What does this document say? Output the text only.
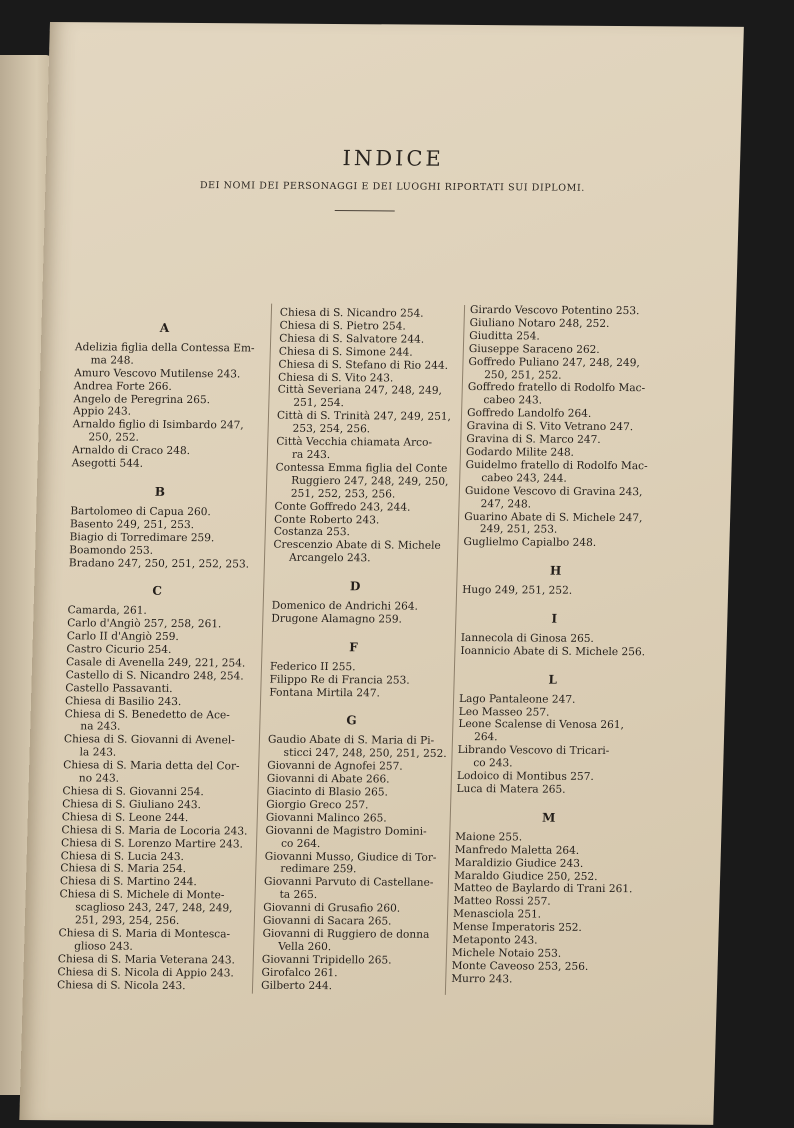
INDICE
DEI NOMI DEI PERSONAGGI E DEI LUOGHI RIPORTATI SUI DIPLOMI.
A
Adelizia figlia della Contessa Em-
ma 248.
Amuro Vescovo Mutilense 243.
Andrea Forte 266.
Angelo de Peregrina 265.
Appio 243.
Arnaldo figlio di Isimbardo 247,
250, 252.
Arnaldo di Craco 248.
Asegotti 544.
B
Bartolomeo di Capua 260.
Basento 249, 251, 253.
Biagio di Torredimare 259.
Boamondo 253.
Bradano 247, 250, 251, 252, 253.
C
Camarda, 261.
Carlo d'Angiò 257, 258, 261.
Carlo II d'Angiò 259.
Castro Cicurio 254.
Casale di Avenella 249, 221, 254.
Castello di S. Nicandro 248, 254.
Castello Passavanti.
Chiesa di Basilio 243.
Chiesa di S. Benedetto de Ace-
na 243.
Chiesa di S. Giovanni di Avenel-
la 243.
Chiesa di S. Maria detta del Cor-
no 243.
Chiesa di S. Giovanni 254.
Chiesa di S. Giuliano 243.
Chiesa di S. Leone 244.
Chiesa di S. Maria de Locoria 243.
Chiesa di S. Lorenzo Martire 243.
Chiesa di S. Lucia 243.
Chiesa di S. Maria 254.
Chiesa di S. Martino 244.
Chiesa di S. Michele di Monte-
scaglioso 243, 247, 248, 249,
251, 293, 254, 256.
Chiesa di S. Maria di Montesca-
glioso 243.
Chiesa di S. Maria Veterana 243.
Chiesa di S. Nicola di Appio 243.
Chiesa di S. Nicola 243.
Chiesa di S. Nicandro 254.
Chiesa di S. Pietro 254.
Chiesa di S. Salvatore 244.
Chiesa di S. Simone 244.
Chiesa di S. Stefano di Rio 244.
Chiesa di S. Vito 243.
Città Severiana 247, 248, 249,
251, 254.
Città di S. Trinità 247, 249, 251,
253, 254, 256.
Città Vecchia chiamata Arco-
ra 243.
Contessa Emma figlia del Conte
Ruggiero 247, 248, 249, 250,
251, 252, 253, 256.
Conte Goffredo 243, 244.
Conte Roberto 243.
Costanza 253.
Crescenzio Abate di S. Michele
Arcangelo 243.
D
Domenico de Andrichi 264.
Drugone Alamagno 259.
F
Federico II 255.
Filippo Re di Francia 253.
Fontana Mirtila 247.
G
Gaudio Abate di S. Maria di Pi-
sticci 247, 248, 250, 251, 252.
Giovanni de Agnofei 257.
Giovanni di Abate 266.
Giacinto di Blasio 265.
Giorgio Greco 257.
Giovanni Malinco 265.
Giovanni de Magistro Domini-
co 264.
Giovanni Musso, Giudice di Tor-
redimare 259.
Giovanni Parvuto di Castellane-
ta 265.
Giovanni di Grusafio 260.
Giovanni di Sacara 265.
Giovanni di Ruggiero de donna
Vella 260.
Giovanni Tripidello 265.
Girofalco 261.
Gilberto 244.
Girardo Vescovo Potentino 253.
Giuliano Notaro 248, 252.
Giuditta 254.
Giuseppe Saraceno 262.
Goffredo Puliano 247, 248, 249,
250, 251, 252.
Goffredo fratello di Rodolfo Mac-
cabeo 243.
Goffredo Landolfo 264.
Gravina di S. Vito Vetrano 247.
Gravina di S. Marco 247.
Godardo Milite 248.
Guidelmo fratello di Rodolfo Mac-
cabeo 243, 244.
Guidone Vescovo di Gravina 243,
247, 248.
Guarino Abate di S. Michele 247,
249, 251, 253.
Guglielmo Capialbo 248.
H
Hugo 249, 251, 252.
I
Iannecola di Ginosa 265.
Ioannicio Abate di S. Michele 256.
L
Lago Pantaleone 247.
Leo Masseo 257.
Leone Scalense di Venosa 261,
264.
Librando Vescovo di Tricari-
co 243.
Lodoico di Montibus 257.
Luca di Matera 265.
M
Maione 255.
Manfredo Maletta 264.
Maraldizio Giudice 243.
Maraldo Giudice 250, 252.
Matteo de Baylardo di Trani 261.
Matteo Rossi 257.
Menasciola 251.
Mense Imperatoris 252.
Metaponto 243.
Michele Notaio 253.
Monte Caveoso 253, 256.
Murro 243.
